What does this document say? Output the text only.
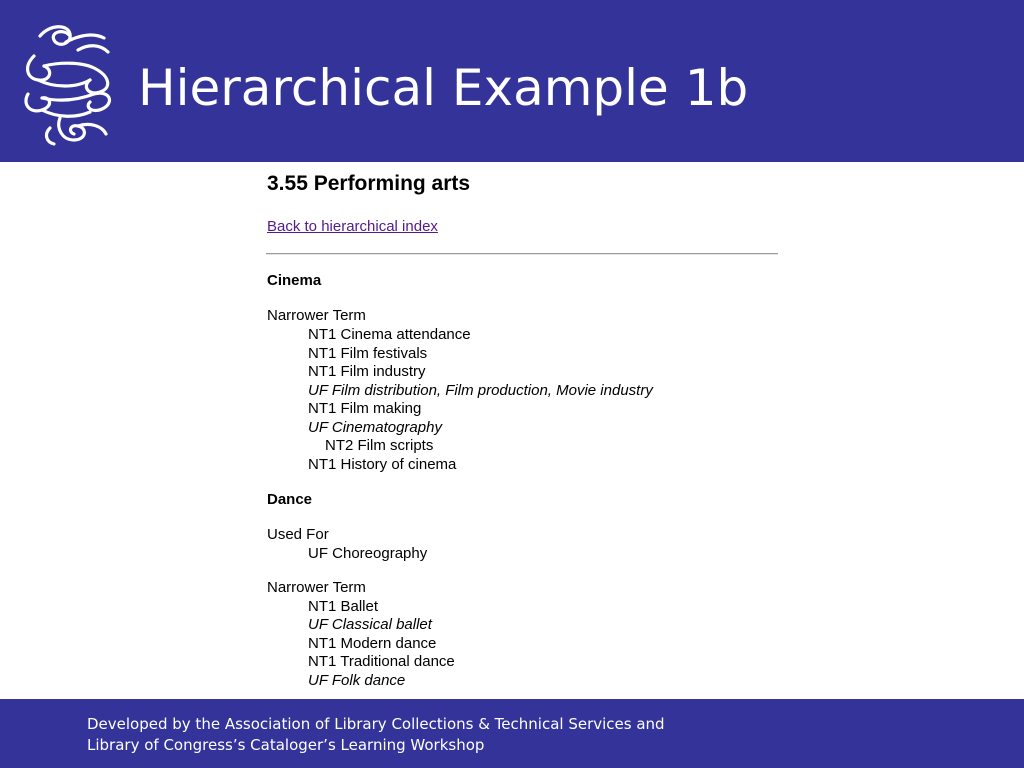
Hierarchical Example 1b
3.55 Performing arts
Back to hierarchical index
Cinema
Narrower Term
NT1 Cinema attendance
NT1 Film festivals
NT1 Film industry
UF Film distribution, Film production, Movie industry
NT1 Film making
UF Cinematography
NT2 Film scripts
NT1 History of cinema
Dance
Used For
UF Choreography
Narrower Term
NT1 Ballet
UF Classical ballet
NT1 Modern dance
NT1 Traditional dance
UF Folk dance

Developed by the Association of Library Collections & Technical Services and

Library of Congress’s Cataloger’s Learning Workshop
